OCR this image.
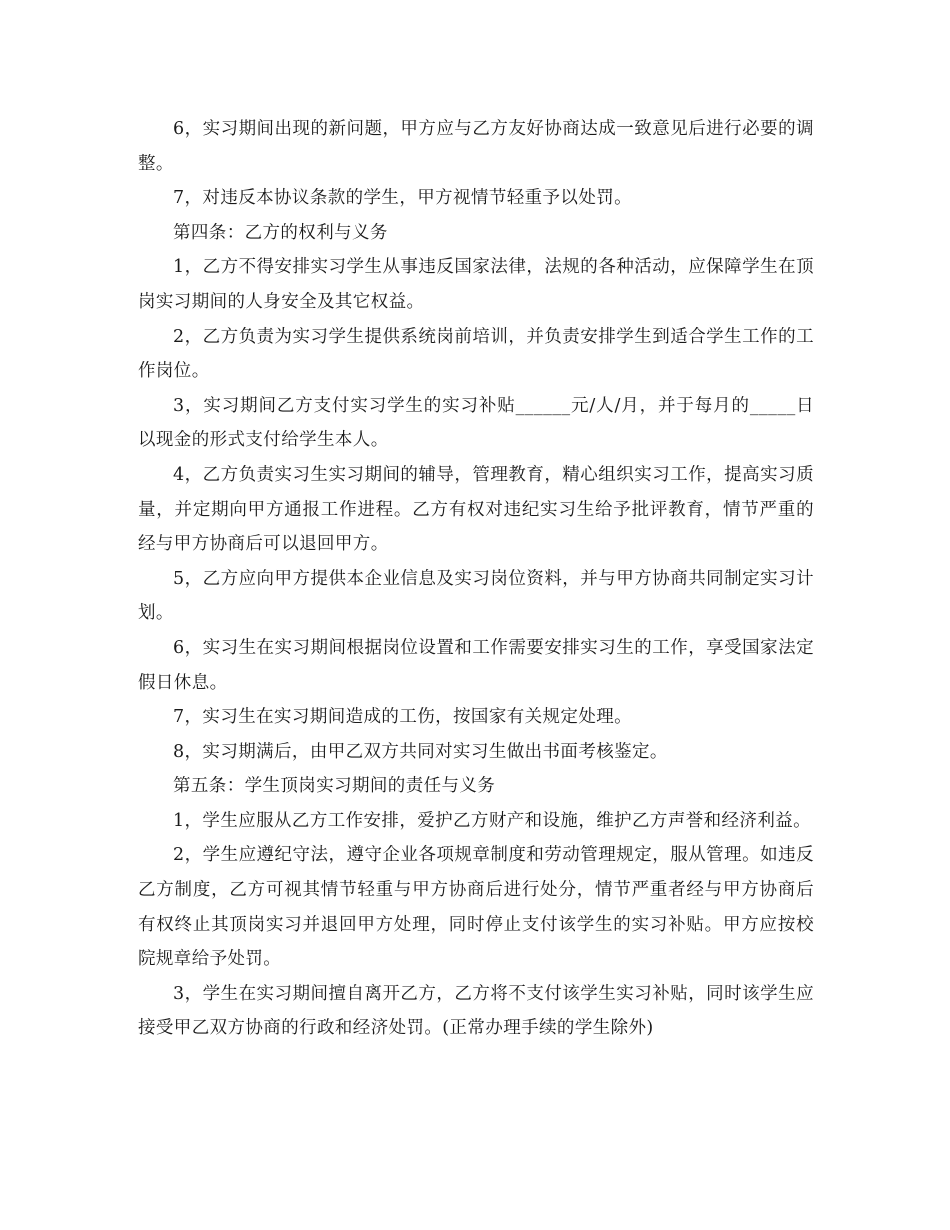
6，实习期间出现的新问题，甲方应与乙方友好协商达成一致意见后进行必要的调整。

7，对违反本协议条款的学生，甲方视情节轻重予以处罚。

第四条：乙方的权利与义务

1，乙方不得安排实习学生从事违反国家法律，法规的各种活动，应保障学生在顶岗实习期间的人身安全及其它权益。

2，乙方负责为实习学生提供系统岗前培训，并负责安排学生到适合学生工作的工作岗位。

3，实习期间乙方支付实习学生的实习补贴______元/人/月，并于每月的_____日以现金的形式支付给学生本人。

4，乙方负责实习生实习期间的辅导，管理教育，精心组织实习工作，提高实习质量，并定期向甲方通报工作进程。乙方有权对违纪实习生给予批评教育，情节严重的经与甲方协商后可以退回甲方。

5，乙方应向甲方提供本企业信息及实习岗位资料，并与甲方协商共同制定实习计划。

6，实习生在实习期间根据岗位设置和工作需要安排实习生的工作，享受国家法定假日休息。

7，实习生在实习期间造成的工伤，按国家有关规定处理。

8，实习期满后，由甲乙双方共同对实习生做出书面考核鉴定。

第五条：学生顶岗实习期间的责任与义务

1，学生应服从乙方工作安排，爱护乙方财产和设施，维护乙方声誉和经济利益。

2，学生应遵纪守法，遵守企业各项规章制度和劳动管理规定，服从管理。如违反乙方制度，乙方可视其情节轻重与甲方协商后进行处分，情节严重者经与甲方协商后有权终止其顶岗实习并退回甲方处理，同时停止支付该学生的实习补贴。甲方应按校院规章给予处罚。

3，学生在实习期间擅自离开乙方，乙方将不支付该学生实习补贴，同时该学生应接受甲乙双方协商的行政和经济处罚。(正常办理手续的学生除外)
